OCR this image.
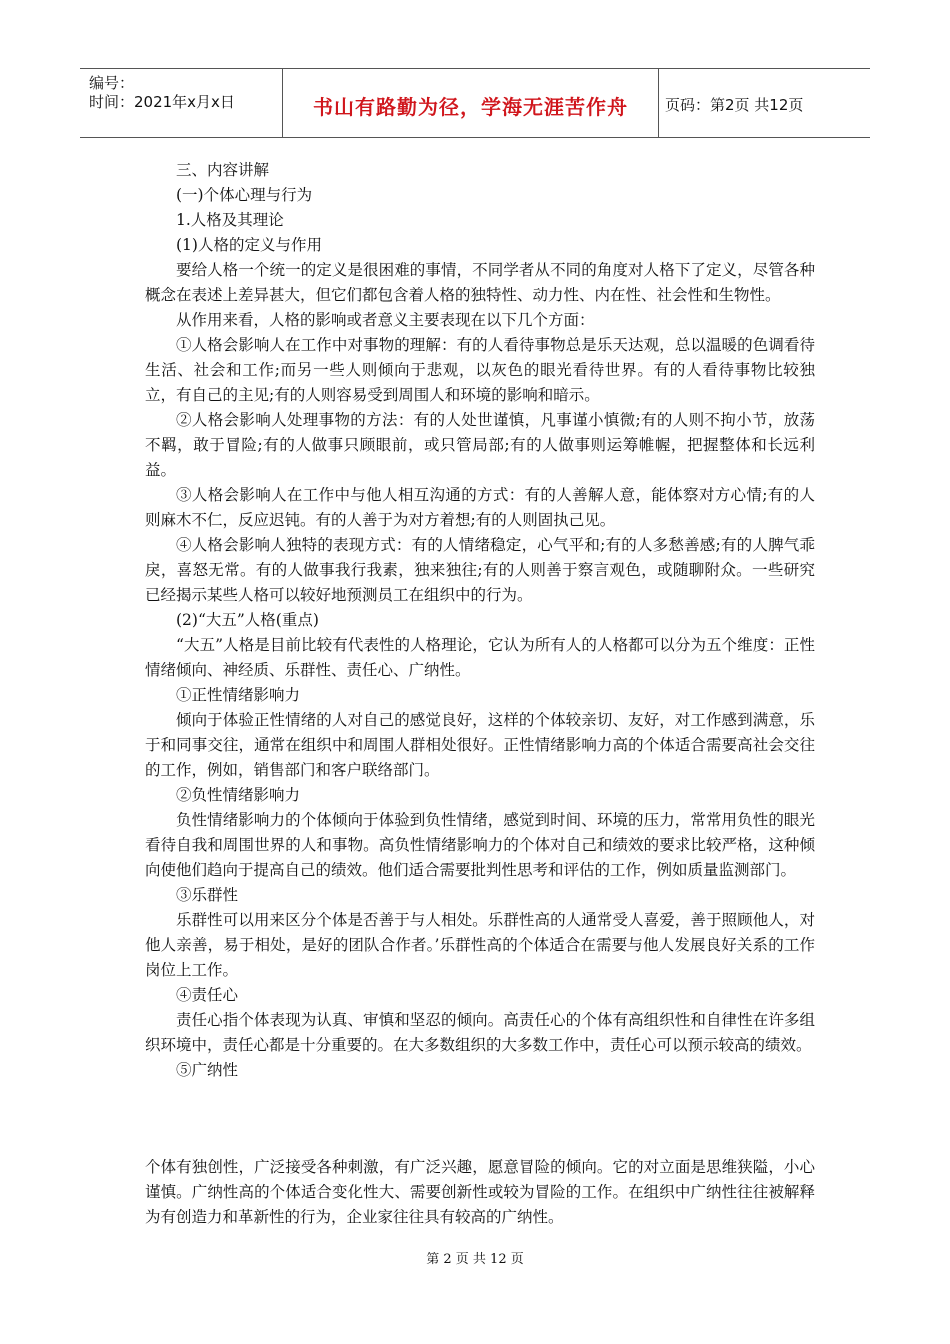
编号：
时间：2021年x月x日	书山有路勤为径，学海无涯苦作舟	页码：第2页 共12页

三、内容讲解

(一)个体心理与行为

1.人格及其理论

(1)人格的定义与作用

要给人格一个统一的定义是很困难的事情，不同学者从不同的角度对人格下了定义，尽管各种概念在表述上差异甚大，但它们都包含着人格的独特性、动力性、内在性、社会性和生物性。

从作用来看，人格的影响或者意义主要表现在以下几个方面：

①人格会影响人在工作中对事物的理解：有的人看待事物总是乐天达观，总以温暖的色调看待生活、社会和工作;而另一些人则倾向于悲观，以灰色的眼光看待世界。有的人看待事物比较独立，有自己的主见;有的人则容易受到周围人和环境的影响和暗示。

②人格会影响人处理事物的方法：有的人处世谨慎，凡事谨小慎微;有的人则不拘小节，放荡不羁，敢于冒险;有的人做事只顾眼前，或只管局部;有的人做事则运筹帷幄，把握整体和长远利益。

③人格会影响人在工作中与他人相互沟通的方式：有的人善解人意，能体察对方心情;有的人则麻木不仁，反应迟钝。有的人善于为对方着想;有的人则固执己见。

④人格会影响人独特的表现方式：有的人情绪稳定，心气平和;有的人多愁善感;有的人脾气乖戾，喜怒无常。有的人做事我行我素，独来独往;有的人则善于察言观色，或随聊附众。一些研究已经揭示某些人格可以较好地预测员工在组织中的行为。

(2)“大五”人格(重点)

“大五”人格是目前比较有代表性的人格理论，它认为所有人的人格都可以分为五个维度：正性情绪倾向、神经质、乐群性、责任心、广纳性。

①正性情绪影响力

倾向于体验正性情绪的人对自己的感觉良好，这样的个体较亲切、友好，对工作感到满意，乐于和同事交往，通常在组织中和周围人群相处很好。正性情绪影响力高的个体适合需要高社会交往的工作，例如，销售部门和客户联络部门。

②负性情绪影响力

负性情绪影响力的个体倾向于体验到负性情绪，感觉到时间、环境的压力，常常用负性的眼光看待自我和周围世界的人和事物。高负性情绪影响力的个体对自己和绩效的要求比较严格，这种倾向使他们趋向于提高自己的绩效。他们适合需要批判性思考和评估的工作，例如质量监测部门。

③乐群性

乐群性可以用来区分个体是否善于与人相处。乐群性高的人通常受人喜爱，善于照顾他人，对他人亲善，易于相处，是好的团队合作者。’乐群性高的个体适合在需要与他人发展良好关系的工作岗位上工作。

④责任心

责任心指个体表现为认真、审慎和坚忍的倾向。高责任心的个体有高组织性和自律性在许多组织环境中，责任心都是十分重要的。在大多数组织的大多数工作中，责任心可以预示较高的绩效。

⑤广纳性

个体有独创性，广泛接受各种刺激，有广泛兴趣，愿意冒险的倾向。它的对立面是思维狭隘，小心谨慎。广纳性高的个体适合变化性大、需要创新性或较为冒险的工作。在组织中广纳性往往被解释为有创造力和革新性的行为，企业家往往具有较高的广纳性。

第 2 页 共 12 页
